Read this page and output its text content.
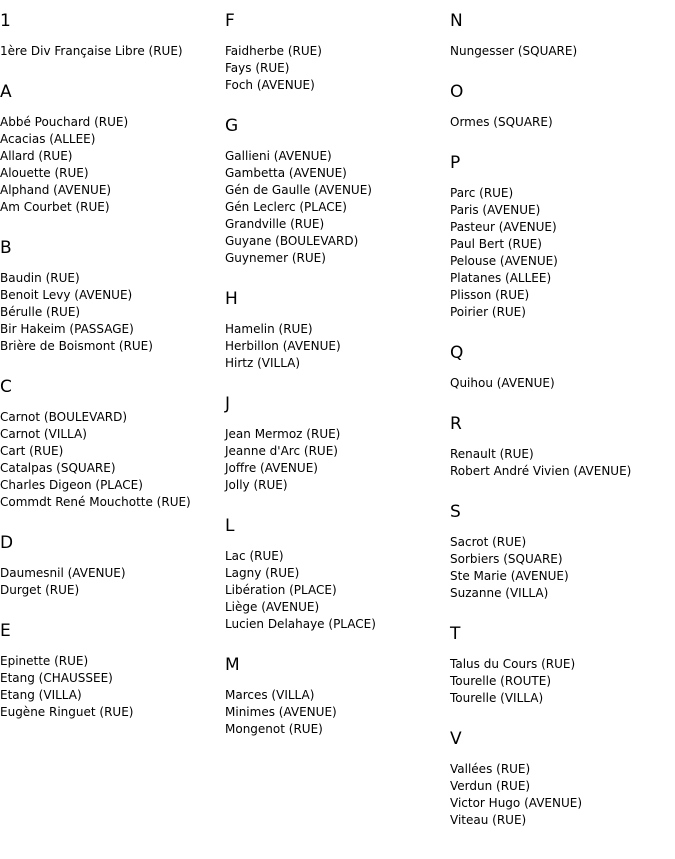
1
1ère Div Française Libre (RUE)
A
Abbé Pouchard (RUE)
Acacias (ALLEE)
Allard (RUE)
Alouette (RUE)
Alphand (AVENUE)
Am Courbet (RUE)
B
Baudin (RUE)
Benoit Levy (AVENUE)
Bérulle (RUE)
Bir Hakeim (PASSAGE)
Brière de Boismont (RUE)
C
Carnot (BOULEVARD)
Carnot (VILLA)
Cart (RUE)
Catalpas (SQUARE)
Charles Digeon (PLACE)
Commdt René Mouchotte (RUE)
D
Daumesnil (AVENUE)
Durget (RUE)
E
Epinette (RUE)
Etang (CHAUSSEE)
Etang (VILLA)
Eugène Ringuet (RUE)
F
Faidherbe (RUE)
Fays (RUE)
Foch (AVENUE)
G
Gallieni (AVENUE)
Gambetta (AVENUE)
Gén de Gaulle (AVENUE)
Gén Leclerc (PLACE)
Grandville (RUE)
Guyane (BOULEVARD)
Guynemer (RUE)
H
Hamelin (RUE)
Herbillon (AVENUE)
Hirtz (VILLA)
J
Jean Mermoz (RUE)
Jeanne d'Arc (RUE)
Joffre (AVENUE)
Jolly (RUE)
L
Lac (RUE)
Lagny (RUE)
Libération (PLACE)
Liège (AVENUE)
Lucien Delahaye (PLACE)
M
Marces (VILLA)
Minimes (AVENUE)
Mongenot (RUE)
N
Nungesser (SQUARE)
O
Ormes (SQUARE)
P
Parc (RUE)
Paris (AVENUE)
Pasteur (AVENUE)
Paul Bert (RUE)
Pelouse (AVENUE)
Platanes (ALLEE)
Plisson (RUE)
Poirier (RUE)
Q
Quihou (AVENUE)
R
Renault (RUE)
Robert André Vivien (AVENUE)
S
Sacrot (RUE)
Sorbiers (SQUARE)
Ste Marie (AVENUE)
Suzanne (VILLA)
T
Talus du Cours (RUE)
Tourelle (ROUTE)
Tourelle (VILLA)
V
Vallées (RUE)
Verdun (RUE)
Victor Hugo (AVENUE)
Viteau (RUE)
